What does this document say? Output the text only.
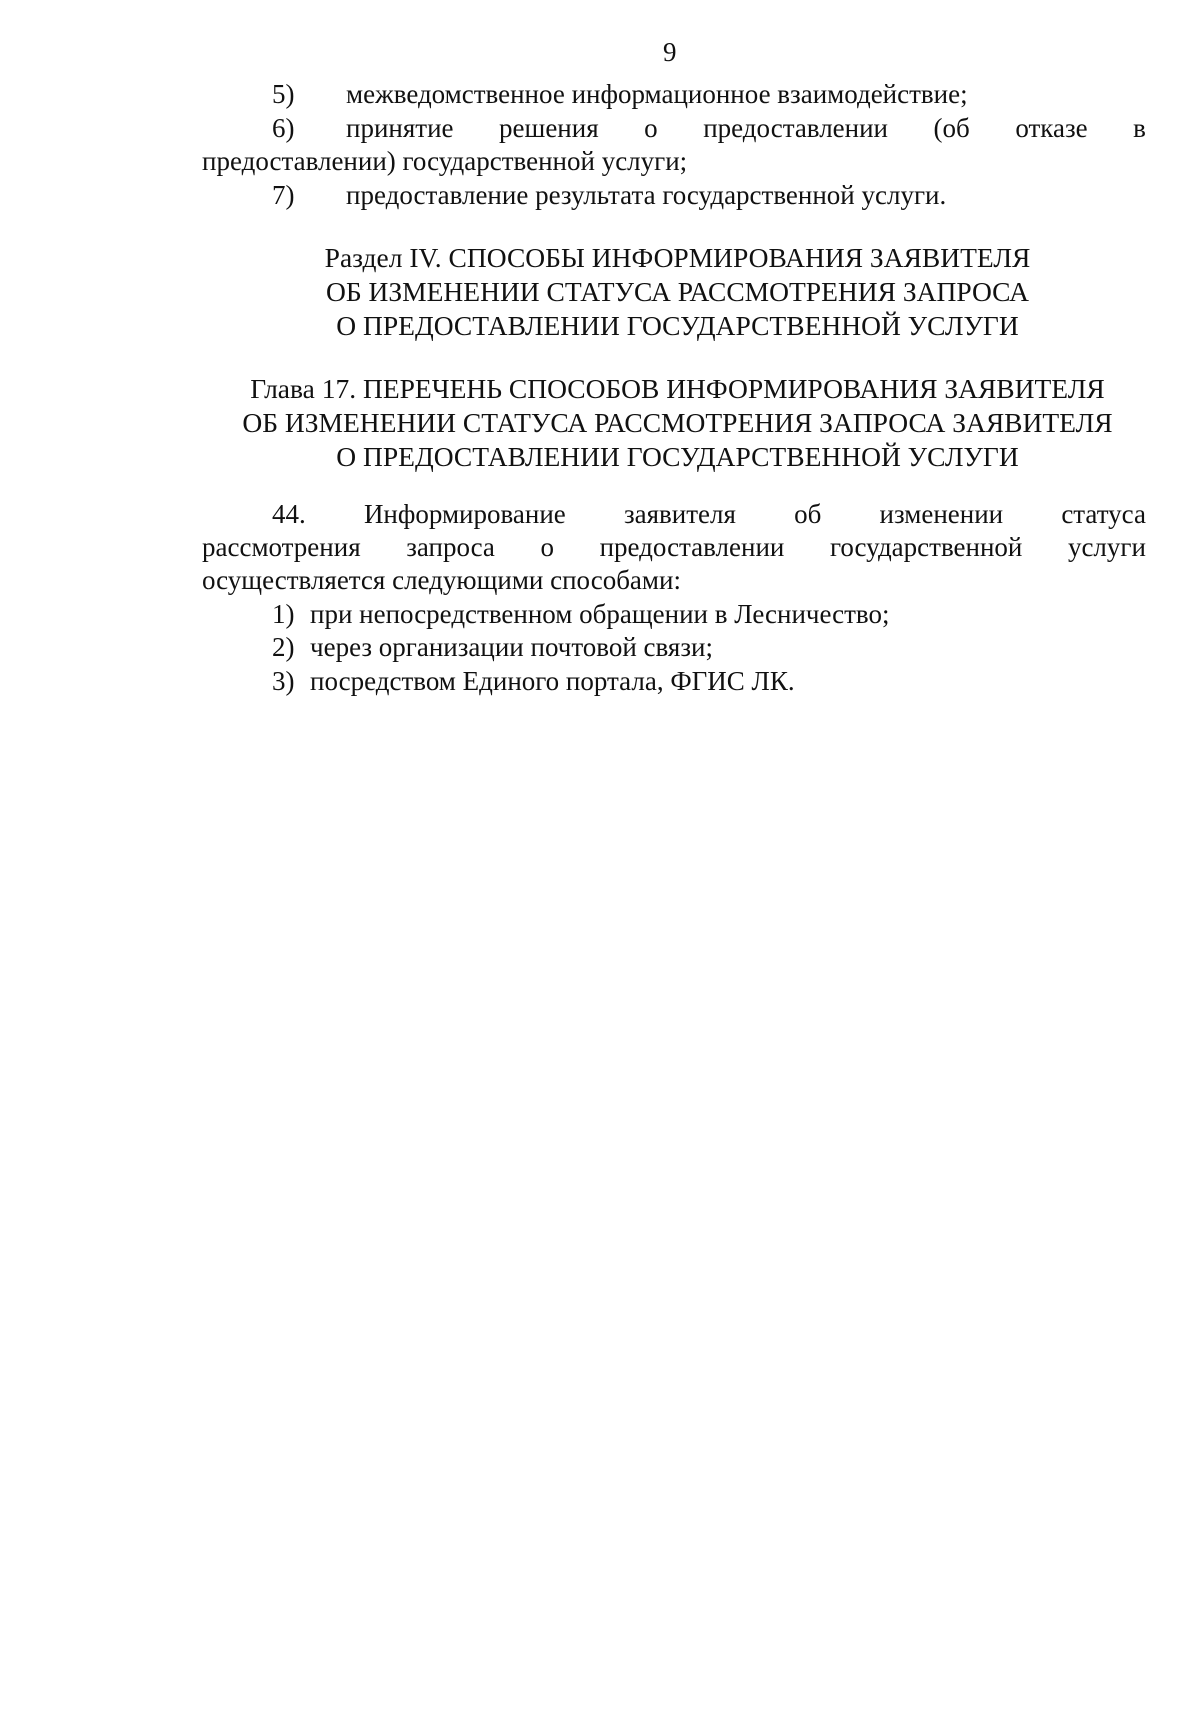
9
5) межведомственное информационное взаимодействие;
6) принятие решения о предоставлении (об отказе в
предоставлении) государственной услуги;
7) предоставление результата государственной услуги.
Раздел IV. СПОСОБЫ ИНФОРМИРОВАНИЯ ЗАЯВИТЕЛЯ
ОБ ИЗМЕНЕНИИ СТАТУСА РАССМОТРЕНИЯ ЗАПРОСА
О ПРЕДОСТАВЛЕНИИ ГОСУДАРСТВЕННОЙ УСЛУГИ
Глава 17. ПЕРЕЧЕНЬ СПОСОБОВ ИНФОРМИРОВАНИЯ ЗАЯВИТЕЛЯ
ОБ ИЗМЕНЕНИИ СТАТУСА РАССМОТРЕНИЯ ЗАПРОСА ЗАЯВИТЕЛЯ
О ПРЕДОСТАВЛЕНИИ ГОСУДАРСТВЕННОЙ УСЛУГИ
44. Информирование заявителя об изменении статуса
рассмотрения запроса о предоставлении государственной услуги
осуществляется следующими способами:
1) при непосредственном обращении в Лесничество;
2) через организации почтовой связи;
3) посредством Единого портала, ФГИС ЛК.
